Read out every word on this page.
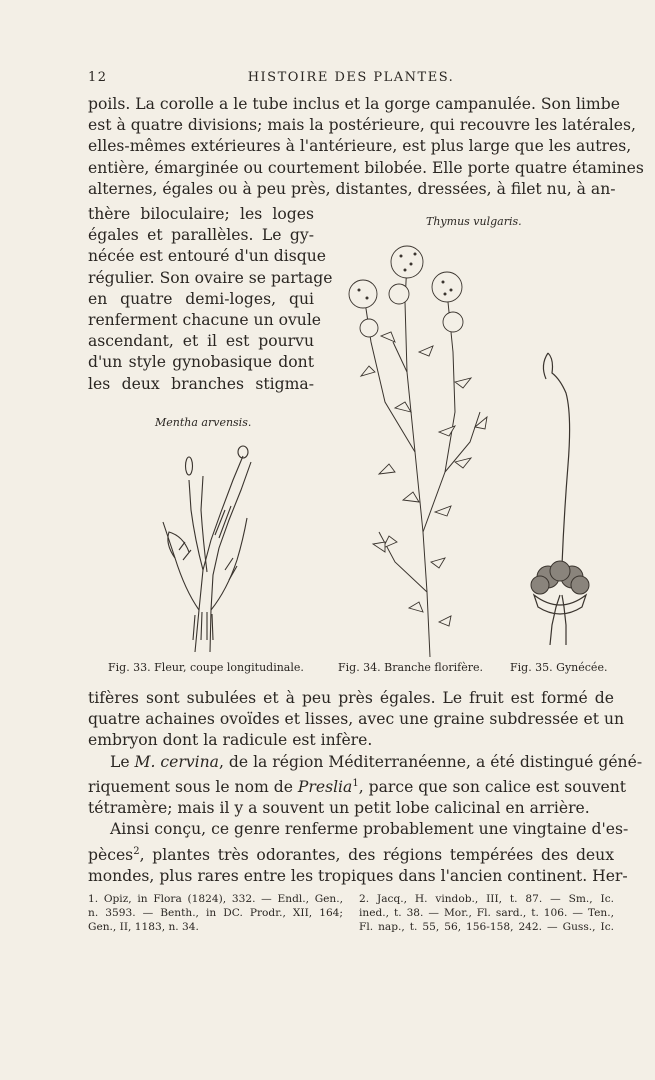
12	HISTOIRE DES PLANTES.
poils. La corolle a le tube inclus et la gorge campanulée. Son limbe
est à quatre divisions; mais la postérieure, qui recouvre les latérales,
elles-mêmes extérieures à l'antérieure, est plus large que les autres,
entière, émarginée ou courtement bilobée. Elle porte quatre étamines
alternes, égales ou à peu près, distantes, dressées, à filet nu, à an-
thère biloculaire; les loges
égales et parallèles. Le gy-
nécée est entouré d'un disque
régulier. Son ovaire se partage
en quatre demi-loges, qui
renferment chacune un ovule
ascendant, et il est pourvu
d'un style gynobasique dont
les deux branches stigma-
Thymus vulgaris.
Mentha arvensis.
Fig. 33. Fleur, coupe longitudinale.	Fig. 34. Branche florifère. Fig. 35. Gynécée.
tifères sont subulées et à peu près égales. Le fruit est formé de
quatre achaines ovoïdes et lisses, avec une graine subdressée et un
embryon dont la radicule est infère.
Le M. cervina, de la région Méditerranéenne, a été distingué géné-
riquement sous le nom de Preslia$^1$, parce que son calice est souvent
tétramère; mais il y a souvent un petit lobe calicinal en arrière.
Ainsi conçu, ce genre renferme probablement une vingtaine d'es-
pèces$^2$, plantes très odorantes, des régions tempérées des deux
mondes, plus rares entre les tropiques dans l'ancien continent. Her-
1. Opiz, in Flora (1824), 332. — Endl., Gen.,
n. 3593. — Benth., in DC. Prodr., XII, 164;
Gen., II, 1183, n. 34.
2. Jacq., H. vindob., III, t. 87. — Sm., Ic.
ined., t. 38. — Mor., Fl. sard., t. 106. — Ten.,
Fl. nap., t. 55, 56, 156-158, 242. — Guss., Ic.
